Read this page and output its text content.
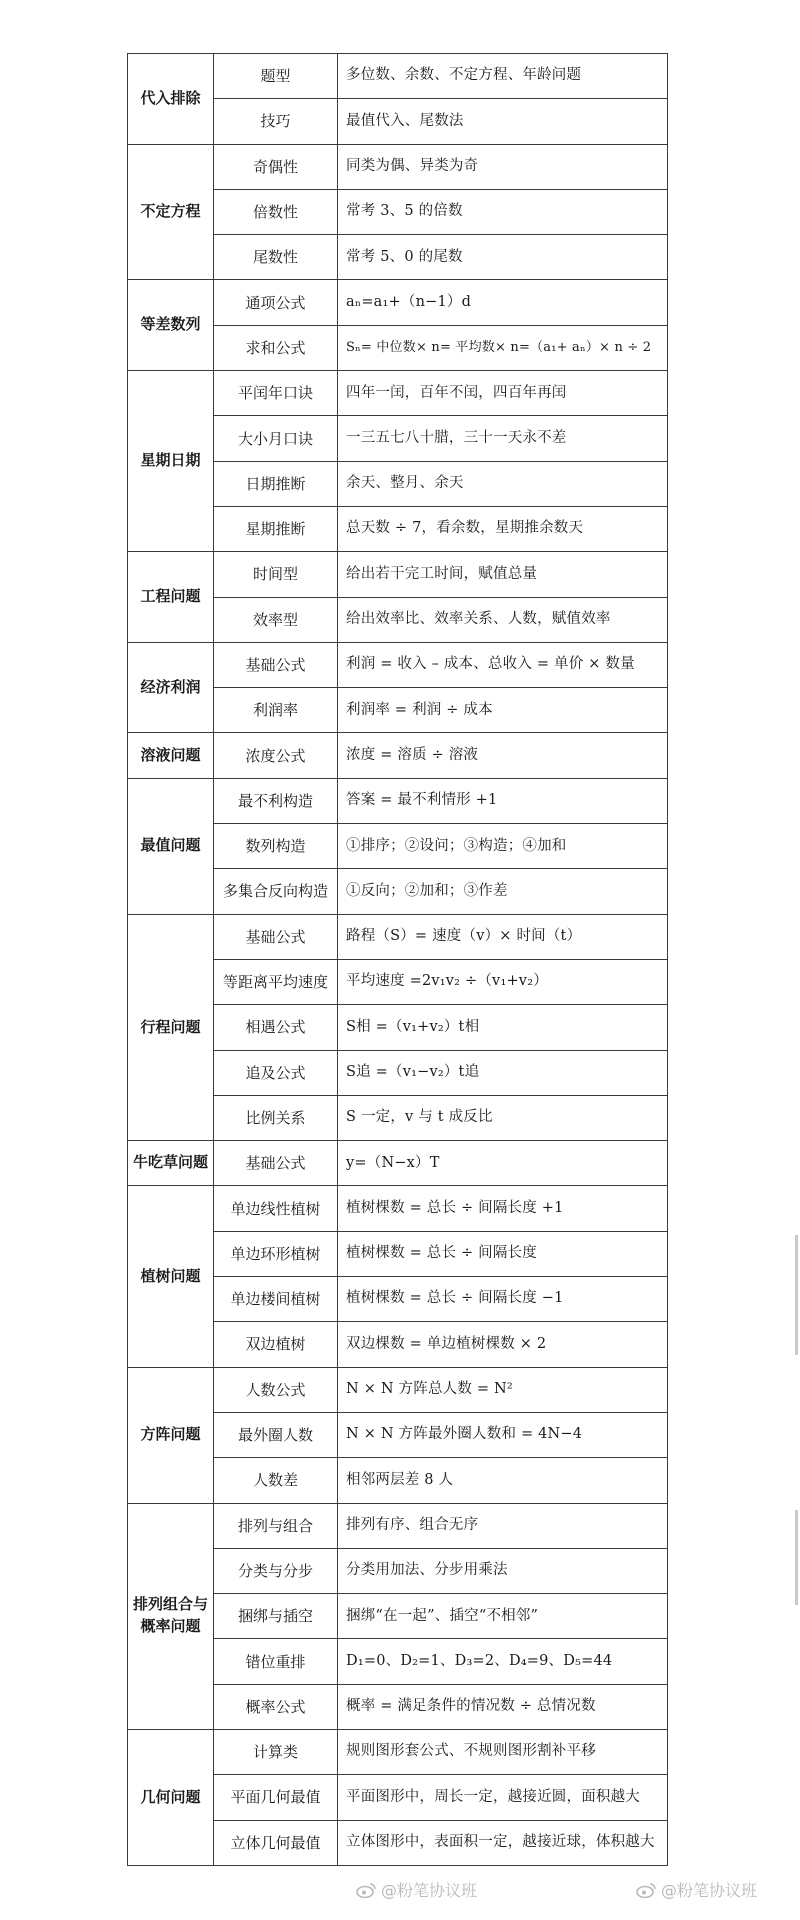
代入排除	题型	多位数、余数、不定方程、年龄问题
	技巧	最值代入、尾数法
不定方程	奇偶性	同类为偶、异类为奇
	倍数性	常考 3、5 的倍数
	尾数性	常考 5、0 的尾数
等差数列	通项公式	aₙ=a₁+（n−1）d
	求和公式	Sₙ= 中位数× n= 平均数× n=（a₁+ aₙ）× n ÷ 2
星期日期	平闰年口诀	四年一闰，百年不闰，四百年再闰
	大小月口诀	一三五七八十腊，三十一天永不差
	日期推断	余天、整月、余天
	星期推断	总天数 ÷ 7，看余数，星期推余数天
工程问题	时间型	给出若干完工时间，赋值总量
	效率型	给出效率比、效率关系、人数，赋值效率
经济利润	基础公式	利润 = 收入 – 成本、总收入 = 单价 × 数量
	利润率	利润率 = 利润 ÷ 成本
溶液问题	浓度公式	浓度 = 溶质 ÷ 溶液
最值问题	最不利构造	答案 = 最不利情形 +1
	数列构造	①排序；②设问；③构造；④加和
	多集合反向构造	①反向；②加和；③作差
行程问题	基础公式	路程（S）= 速度（v）× 时间（t）
	等距离平均速度	平均速度 =2v₁v₂ ÷（v₁+v₂）
	相遇公式	S相 =（v₁+v₂）t相
	追及公式	S追 =（v₁−v₂）t追
	比例关系	S 一定，v 与 t 成反比
牛吃草问题	基础公式	y=（N−x）T
植树问题	单边线性植树	植树棵数 = 总长 ÷ 间隔长度 +1
	单边环形植树	植树棵数 = 总长 ÷ 间隔长度
	单边楼间植树	植树棵数 = 总长 ÷ 间隔长度 −1
	双边植树	双边棵数 = 单边植树棵数 × 2
方阵问题	人数公式	N × N 方阵总人数 = N²
	最外圈人数	N × N 方阵最外圈人数和 = 4N−4
	人数差	相邻两层差 8 人
排列组合与概率问题	排列与组合	排列有序、组合无序
	分类与分步	分类用加法、分步用乘法
	捆绑与插空	捆绑“在一起”、插空“不相邻”
	错位重排	D₁=0、D₂=1、D₃=2、D₄=9、D₅=44
	概率公式	概率 = 满足条件的情况数 ÷ 总情况数
几何问题	计算类	规则图形套公式、不规则图形割补平移
	平面几何最值	平面图形中，周长一定，越接近圆，面积越大
	立体几何最值	立体图形中，表面积一定，越接近球，体积越大
@粉笔协议班	@粉笔协议班
